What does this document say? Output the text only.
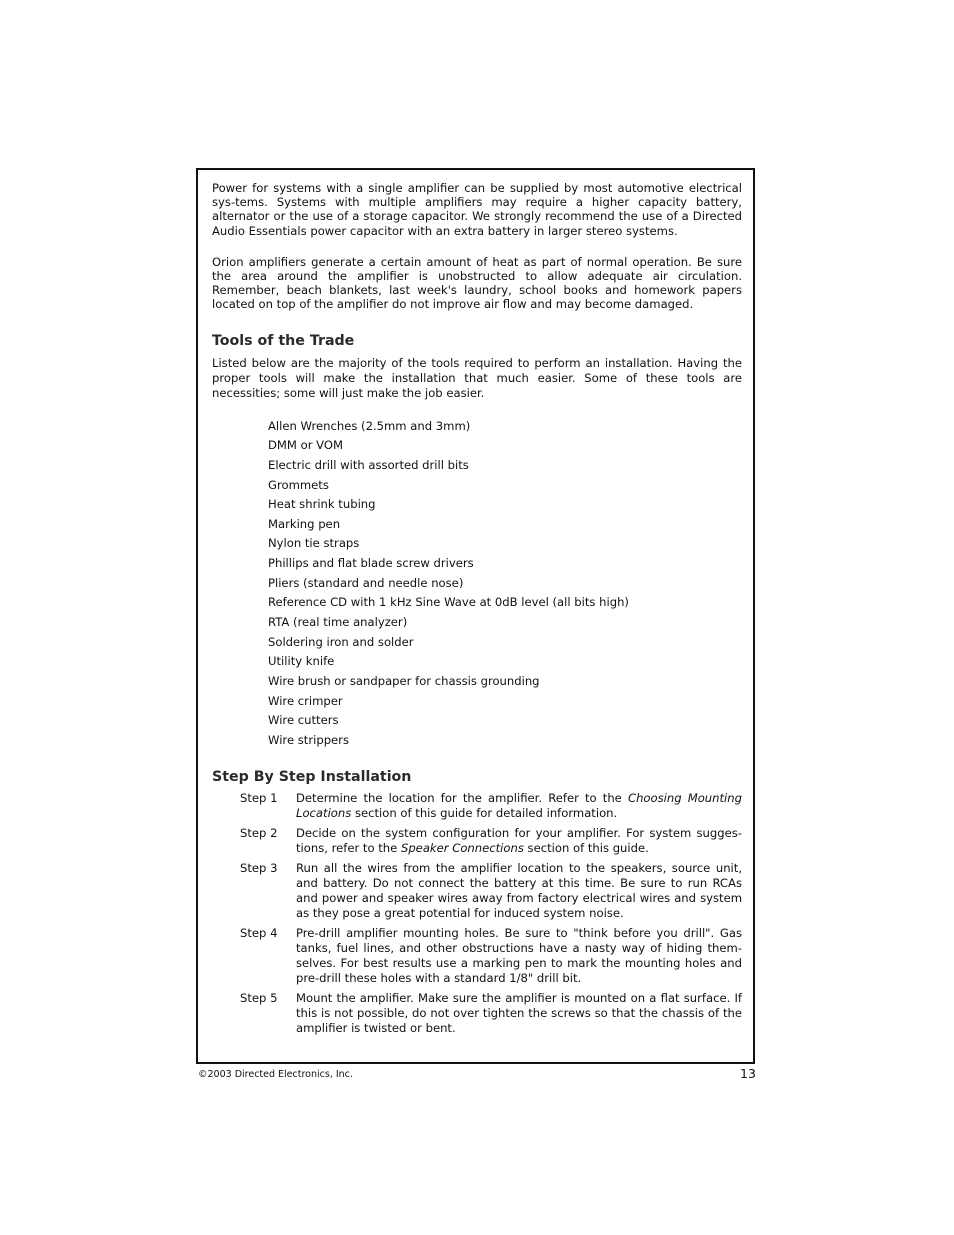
Power for systems with a single amplifier can be supplied by most automotive electrical sys-tems. Systems with multiple amplifiers may require a higher capacity battery, alternator or the use of a storage capacitor. We strongly recommend the use of a Directed Audio Essentials power capacitor with an extra battery in larger stereo systems.

Orion amplifiers generate a certain amount of heat as part of normal operation. Be sure the area around the amplifier is unobstructed to allow adequate air circulation. Remember, beach blankets, last week's laundry, school books and homework papers located on top of the amplifier do not improve air flow and may become damaged.

Tools of the Trade

Listed below are the majority of the tools required to perform an installation. Having the proper tools will make the installation that much easier. Some of these tools are necessities; some will just make the job easier.

Allen Wrenches (2.5mm and 3mm)
DMM or VOM
Electric drill with assorted drill bits
Grommets
Heat shrink tubing
Marking pen
Nylon tie straps
Phillips and flat blade screw drivers
Pliers (standard and needle nose)
Reference CD with 1 kHz Sine Wave at 0dB level (all bits high)
RTA (real time analyzer)
Soldering iron and solder
Utility knife
Wire brush or sandpaper for chassis grounding
Wire crimper
Wire cutters
Wire strippers
Step By Step Installation
Step 1	Determine the location for the amplifier. Refer to the Choosing Mounting Locations section of this guide for detailed information.
Step 2	Decide on the system configuration for your amplifier. For system sugges-tions, refer to the Speaker Connections section of this guide.
Step 3	Run all the wires from the amplifier location to the speakers, source unit, and battery. Do not connect the battery at this time. Be sure to run RCAs and power and speaker wires away from factory electrical wires and system as they pose a great potential for induced system noise.
Step 4	Pre-drill amplifier mounting holes. Be sure to "think before you drill". Gas tanks, fuel lines, and other obstructions have a nasty way of hiding them-selves. For best results use a marking pen to mark the mounting holes and pre-drill these holes with a standard 1/8" drill bit.
Step 5	Mount the amplifier. Make sure the amplifier is mounted on a flat surface. If this is not possible, do not over tighten the screws so that the chassis of the amplifier is twisted or bent.
©2003 Directed Electronics, Inc.	13
